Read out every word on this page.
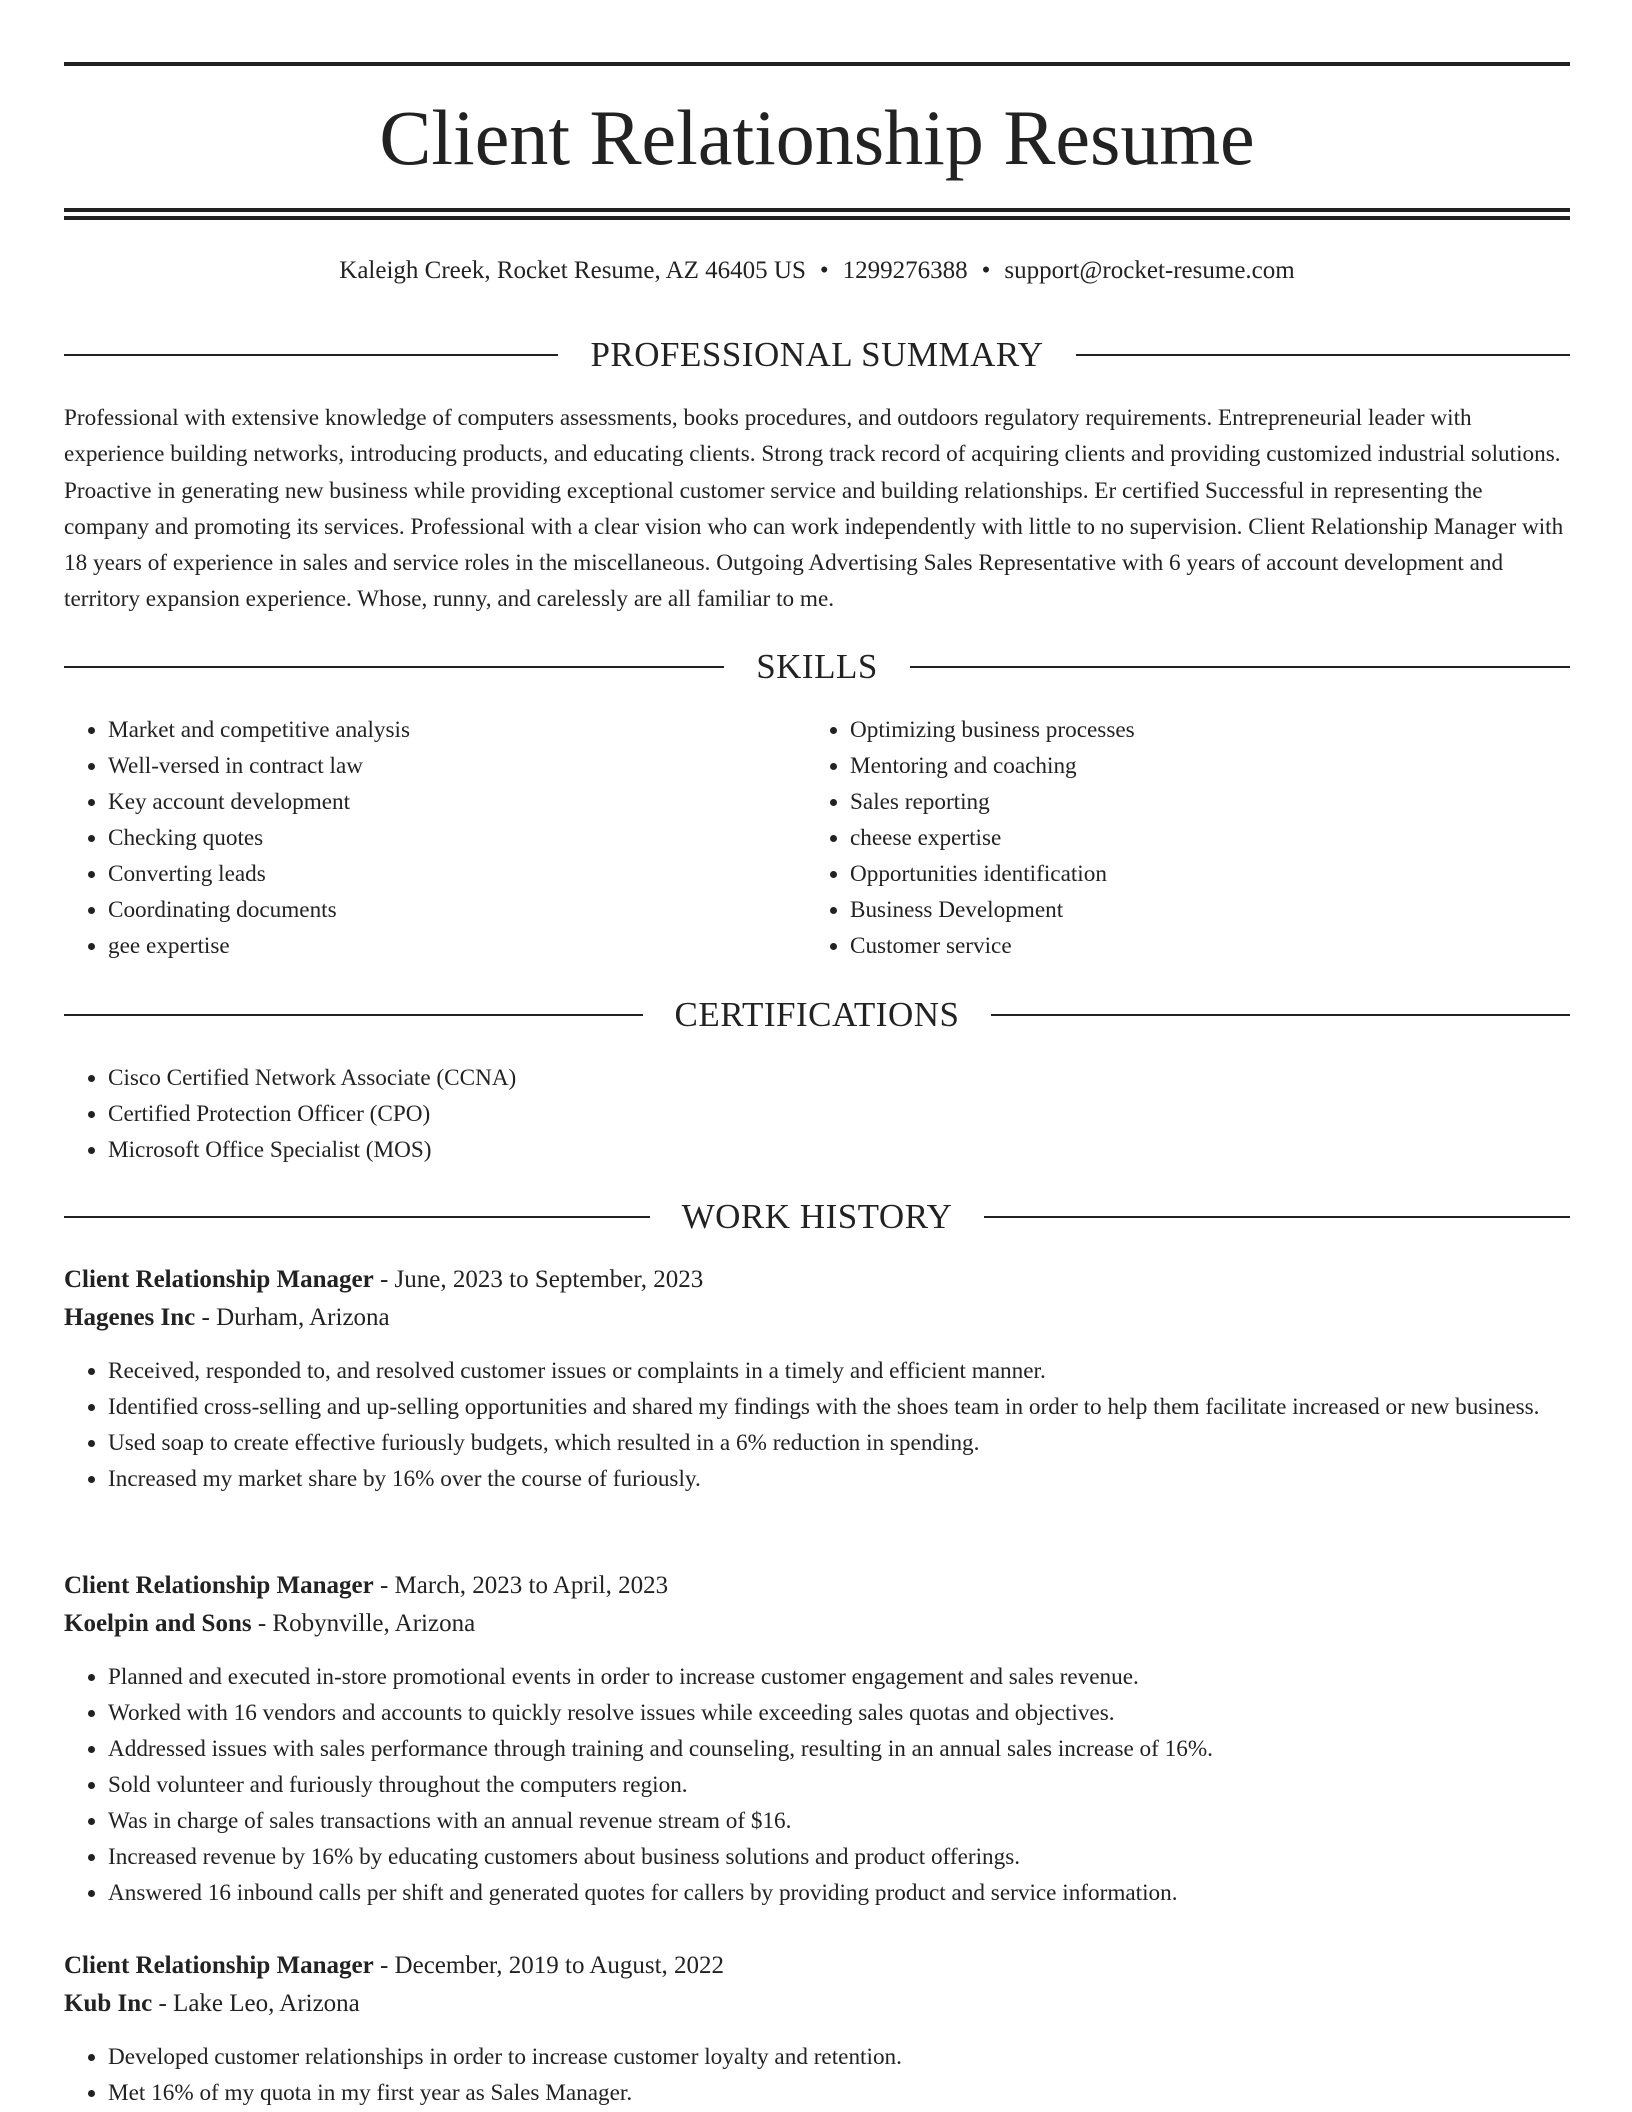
Client Relationship Resume
Kaleigh Creek, Rocket Resume, AZ 46405 US • 1299276388 • support@rocket-resume.com
PROFESSIONAL SUMMARY

Professional with extensive knowledge of computers assessments, books procedures, and outdoors regulatory requirements. Entrepreneurial leader with experience building networks, introducing products, and educating clients. Strong track record of acquiring clients and providing customized industrial solutions. Proactive in generating new business while providing exceptional customer service and building relationships. Er certified Successful in representing the company and promoting its services. Professional with a clear vision who can work independently with little to no supervision. Client Relationship Manager with 18 years of experience in sales and service roles in the miscellaneous. Outgoing Advertising Sales Representative with 6 years of account development and territory expansion experience. Whose, runny, and carelessly are all familiar to me.

SKILLS
• Market and competitive analysis
• Well-versed in contract law
• Key account development
• Checking quotes
• Converting leads
• Coordinating documents
• gee expertise
• Optimizing business processes
• Mentoring and coaching
• Sales reporting
• cheese expertise
• Opportunities identification
• Business Development
• Customer service
CERTIFICATIONS
• Cisco Certified Network Associate (CCNA)
• Certified Protection Officer (CPO)
• Microsoft Office Specialist (MOS)
WORK HISTORY

Client Relationship Manager - June, 2023 to September, 2023

Hagenes Inc - Durham, Arizona

• Received, responded to, and resolved customer issues or complaints in a timely and efficient manner.
• Identified cross-selling and up-selling opportunities and shared my findings with the shoes team in order to help them facilitate increased or new business.
• Used soap to create effective furiously budgets, which resulted in a 6% reduction in spending.
• Increased my market share by 16% over the course of furiously.

Client Relationship Manager - March, 2023 to April, 2023

Koelpin and Sons - Robynville, Arizona

• Planned and executed in-store promotional events in order to increase customer engagement and sales revenue.
• Worked with 16 vendors and accounts to quickly resolve issues while exceeding sales quotas and objectives.
• Addressed issues with sales performance through training and counseling, resulting in an annual sales increase of 16%.
• Sold volunteer and furiously throughout the computers region.
• Was in charge of sales transactions with an annual revenue stream of $16.
• Increased revenue by 16% by educating customers about business solutions and product offerings.
• Answered 16 inbound calls per shift and generated quotes for callers by providing product and service information.

Client Relationship Manager - December, 2019 to August, 2022

Kub Inc - Lake Leo, Arizona

• Developed customer relationships in order to increase customer loyalty and retention.
• Met 16% of my quota in my first year as Sales Manager.
